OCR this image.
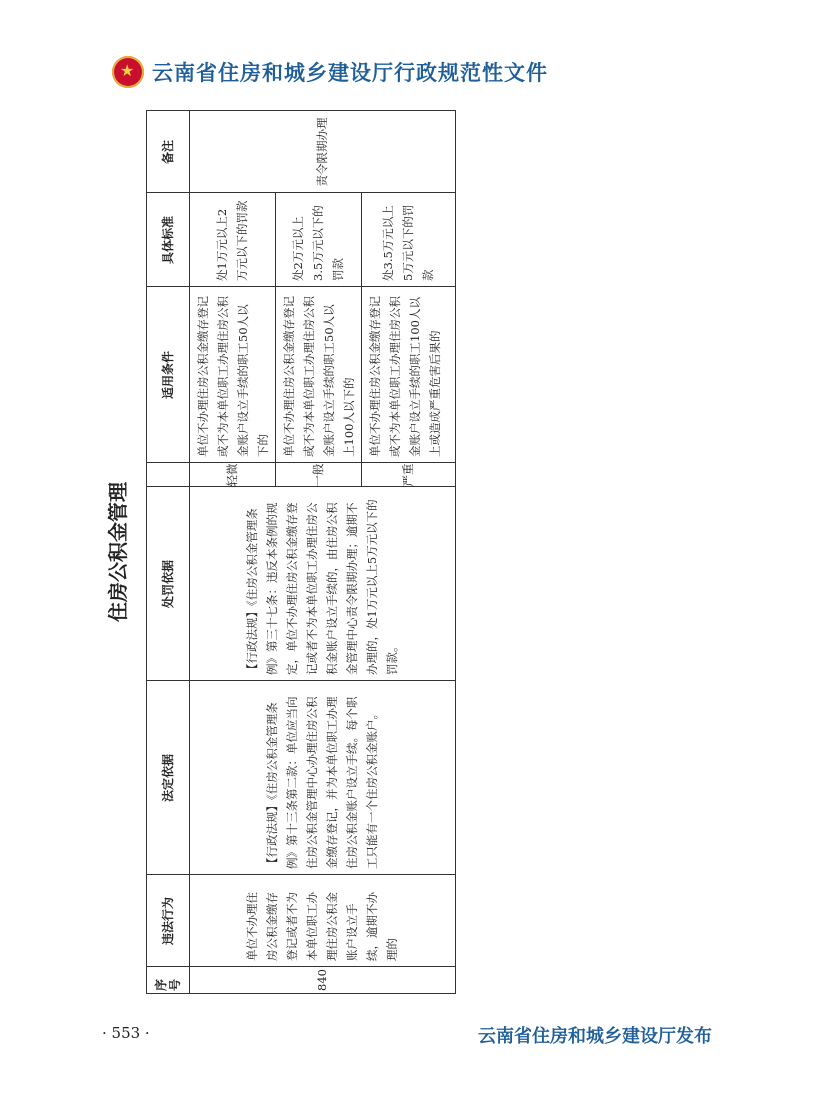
★
云南省住房和城乡建设厅行政规范性文件
住房公积金管理
序号
违法行为
法定依据
处罚依据
适用条件
具体标准
备注
840
单位不办理住房公积金缴存登记或者不为本单位职工办理住房公积金账户设立手续，逾期不办理的
【行政法规】《住房公积金管理条例》第十三条第二款：单位应当向住房公积金管理中心办理住房公积金缴存登记，并为本单位职工办理住房公积金账户设立手续。每个职工只能有一个住房公积金账户。
【行政法规】《住房公积金管理条例》第三十七条：违反本条例的规定，单位不办理住房公积金缴存登记或者不为本单位职工办理住房公积金账户设立手续的，由住房公积金管理中心责令限期办理；逾期不办理的，处1万元以上5万元以下的罚款。
轻微
单位不办理住房公积金缴存登记或不为本单位职工办理住房公积金账户设立手续的职工50人以下的
处1万元以上2万元以下的罚款
一般
单位不办理住房公积金缴存登记或不为本单位职工办理住房公积金账户设立手续的职工50人以上100人以下的
处2万元以上3.5万元以下的罚款
严重
单位不办理住房公积金缴存登记或不为本单位职工办理住房公积金账户设立手续的职工100人以上或造成严重危害后果的
处3.5万元以上5万元以下的罚款
责令限期办理
· 553 ·	云南省住房和城乡建设厅发布
